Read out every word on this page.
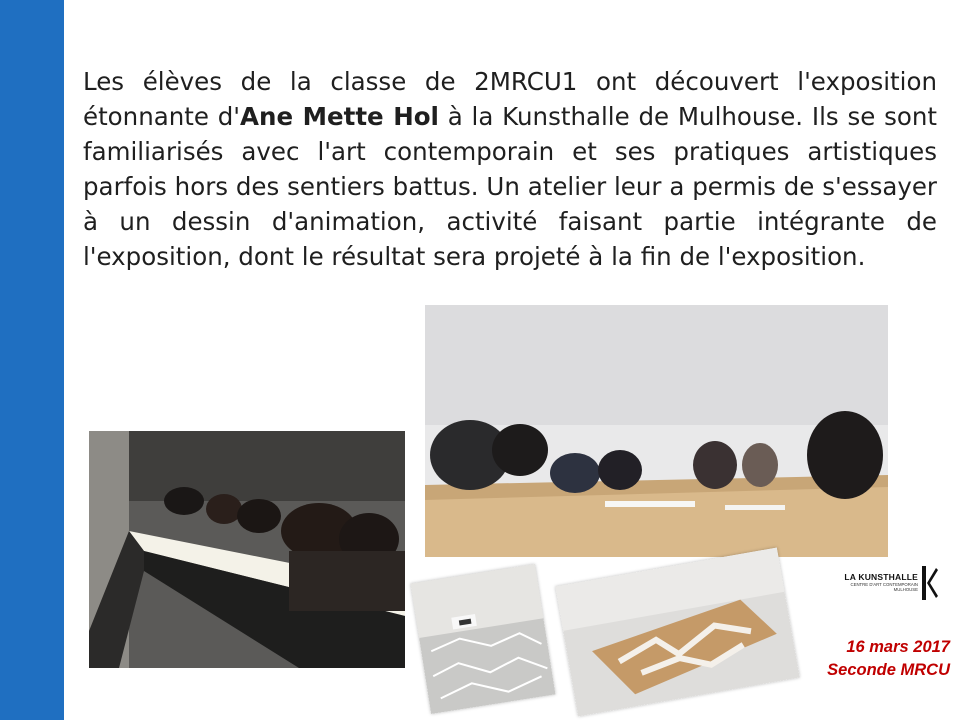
Les élèves de la classe de 2MRCU1 ont découvert l'exposition étonnante d'Ane Mette Hol à la Kunsthalle de Mulhouse. Ils se sont familiarisés avec l'art contemporain et ses pratiques artistiques parfois hors des sentiers battus. Un atelier leur a permis de s'essayer à un dessin d'animation, activité faisant partie intégrante de l'exposition, dont le résultat sera projeté à la fin de l'exposition.

LA KUNSTHALLE
CENTRE D'ART CONTEMPORAIN
MULHOUSE
16 mars 2017
Seconde MRCU
